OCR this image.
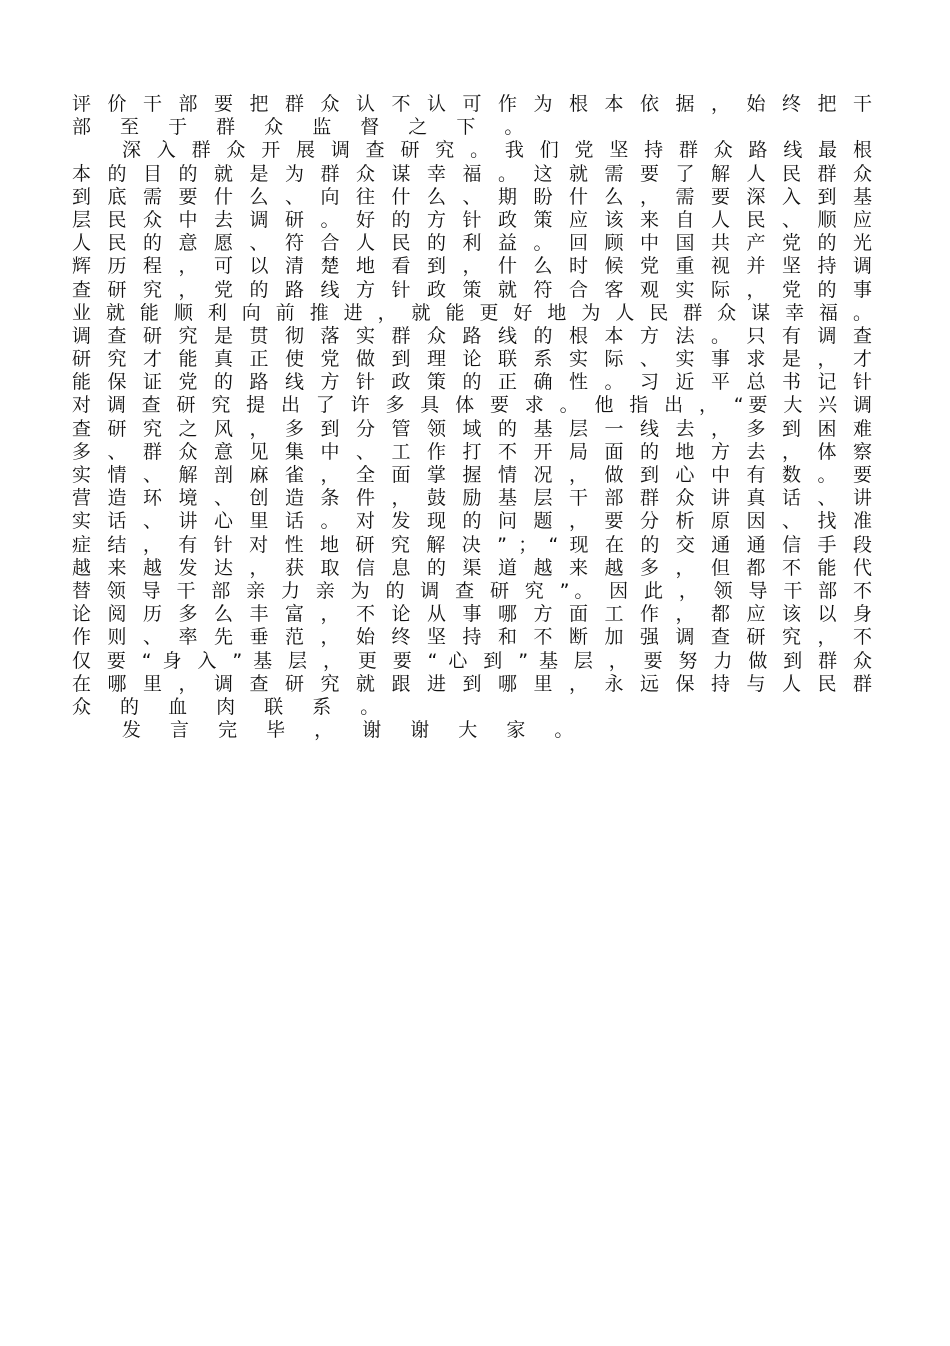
评 价 干 部 要 把 群 众 认 不 认 可 作 为 根 本 依 据 ， 始 终 把 干
部 至 于 群 众 监 督 之 下 。
深 入 群 众 开 展 调 查 研 究 。 我 们 党 坚 持 群 众 路 线 最 根
本 的 目 的 就 是 为 群 众 谋 幸 福 。 这 就 需 要 了 解 人 民 群 众
到 底 需 要 什 么 、 向 往 什 么 、 期 盼 什 么 ， 需 要 深 入 到 基
层 民 众 中 去 调 研 。 好 的 方 针 政 策 应 该 来 自 人 民 、 顺 应
人 民 的 意 愿 、 符 合 人 民 的 利 益 。 回 顾 中 国 共 产 党 的 光
辉 历 程 ， 可 以 清 楚 地 看 到 ， 什 么 时 候 党 重 视 并 坚 持 调
查 研 究 ， 党 的 路 线 方 针 政 策 就 符 合 客 观 实 际 ， 党 的 事
业 就 能 顺 利 向 前 推 进 ， 就 能 更 好 地 为 人 民 群 众 谋 幸 福 。
调 查 研 究 是 贯 彻 落 实 群 众 路 线 的 根 本 方 法 。 只 有 调 查
研 究 才 能 真 正 使 党 做 到 理 论 联 系 实 际 、 实 事 求 是 ， 才
能 保 证 党 的 路 线 方 针 政 策 的 正 确 性 。 习 近 平 总 书 记 针
对 调 查 研 究 提 出 了 许 多 具 体 要 求 。 他 指 出 ， “要 大 兴 调
查 研 究 之 风 ， 多 到 分 管 领 域 的 基 层 一 线 去 ， 多 到 困 难
多 、 群 众 意 见 集 中 、 工 作 打 不 开 局 面 的 地 方 去 ， 体 察
实 情 、 解 剖 麻 雀 ， 全 面 掌 握 情 况 ， 做 到 心 中 有 数 。 要
营 造 环 境 、 创 造 条 件 ， 鼓 励 基 层 干 部 群 众 讲 真 话 、 讲
实 话 、 讲 心 里 话 。 对 发 现 的 问 题 ， 要 分 析 原 因 、 找 准
症 结 ， 有 针 对 性 地 研 究 解 决 ” ； “ 现 在 的 交 通 通 信 手 段
越 来 越 发 达 ， 获 取 信 息 的 渠 道 越 来 越 多 ， 但 都 不 能 代
替 领 导 干 部 亲 力 亲 为 的 调 查 研 究 ”。 因 此 ， 领 导 干 部 不
论 阅 历 多 么 丰 富 ， 不 论 从 事 哪 方 面 工 作 ， 都 应 该 以 身
作 则 、 率 先 垂 范 ， 始 终 坚 持 和 不 断 加 强 调 查 研 究 ， 不
仅 要 “ 身 入 ” 基 层 ， 更 要 “ 心 到 ” 基 层 ， 要 努 力 做 到 群 众
在 哪 里 ， 调 查 研 究 就 跟 进 到 哪 里 ， 永 远 保 持 与 人 民 群
众 的 血 肉 联 系 。
发 言 完 毕 ， 谢 谢 大 家 。
